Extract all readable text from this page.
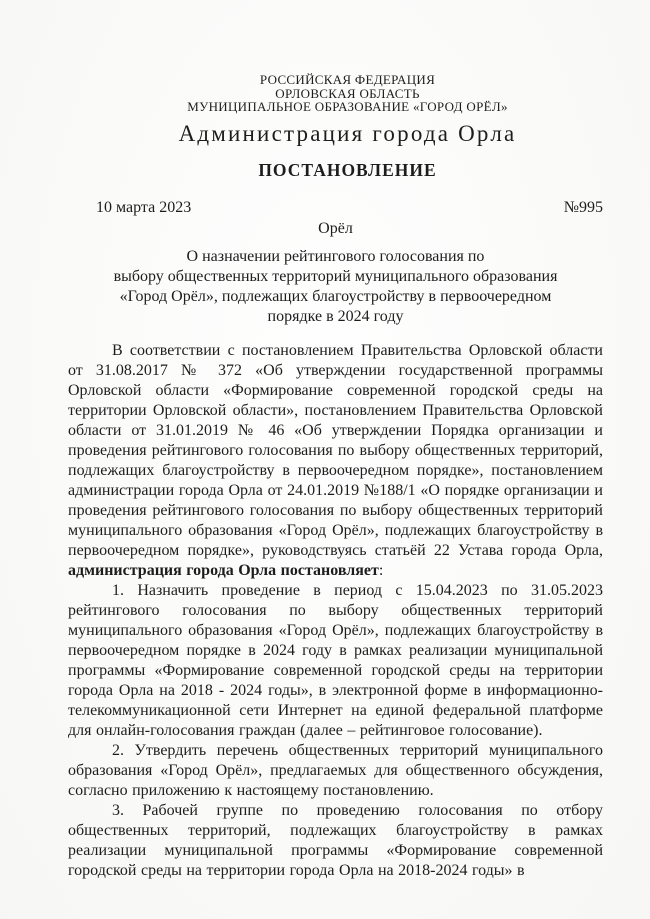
РОССИЙСКАЯ ФЕДЕРАЦИЯ
ОРЛОВСКАЯ ОБЛАСТЬ
МУНИЦИПАЛЬНОЕ ОБРАЗОВАНИЕ «ГОРОД ОРЁЛ»
Администрация города Орла
ПОСТАНОВЛЕНИЕ
10 марта 2023	№995
Орёл
О назначении рейтингового голосования по
выбору общественных территорий муниципального образования
«Город Орёл», подлежащих благоустройству в первоочередном
порядке в 2024 году

В соответствии с постановлением Правительства Орловской области от 31.08.2017 № 372 «Об утверждении государственной программы Орловской области «Формирование современной городской среды на территории Орловской области», постановлением Правительства Орловской области от 31.01.2019 № 46 «Об утверждении Порядка организации и проведения рейтингового голосования по выбору общественных территорий, подлежащих благоустройству в первоочередном порядке», постановлением администрации города Орла от 24.01.2019 №188/1 «О порядке организации и проведения рейтингового голосования по выбору общественных территорий муниципального образования «Город Орёл», подлежащих благоустройству в первоочередном порядке», руководствуясь статьёй 22 Устава города Орла, администрация города Орла постановляет:

1. Назначить проведение в период с 15.04.2023 по 31.05.2023 рейтингового голосования по выбору общественных территорий муниципального образования «Город Орёл», подлежащих благоустройству в первоочередном порядке в 2024 году в рамках реализации муниципальной программы «Формирование современной городской среды на территории города Орла на 2018 - 2024 годы», в электронной форме в информационно-телекоммуникационной сети Интернет на единой федеральной платформе для онлайн-голосования граждан (далее – рейтинговое голосование).

2. Утвердить перечень общественных территорий муниципального образования «Город Орёл», предлагаемых для общественного обсуждения, согласно приложению к настоящему постановлению.

3. Рабочей группе по проведению голосования по отбору общественных территорий, подлежащих благоустройству в рамках реализации муниципальной программы «Формирование современной городской среды на территории города Орла на 2018-2024 годы» в
